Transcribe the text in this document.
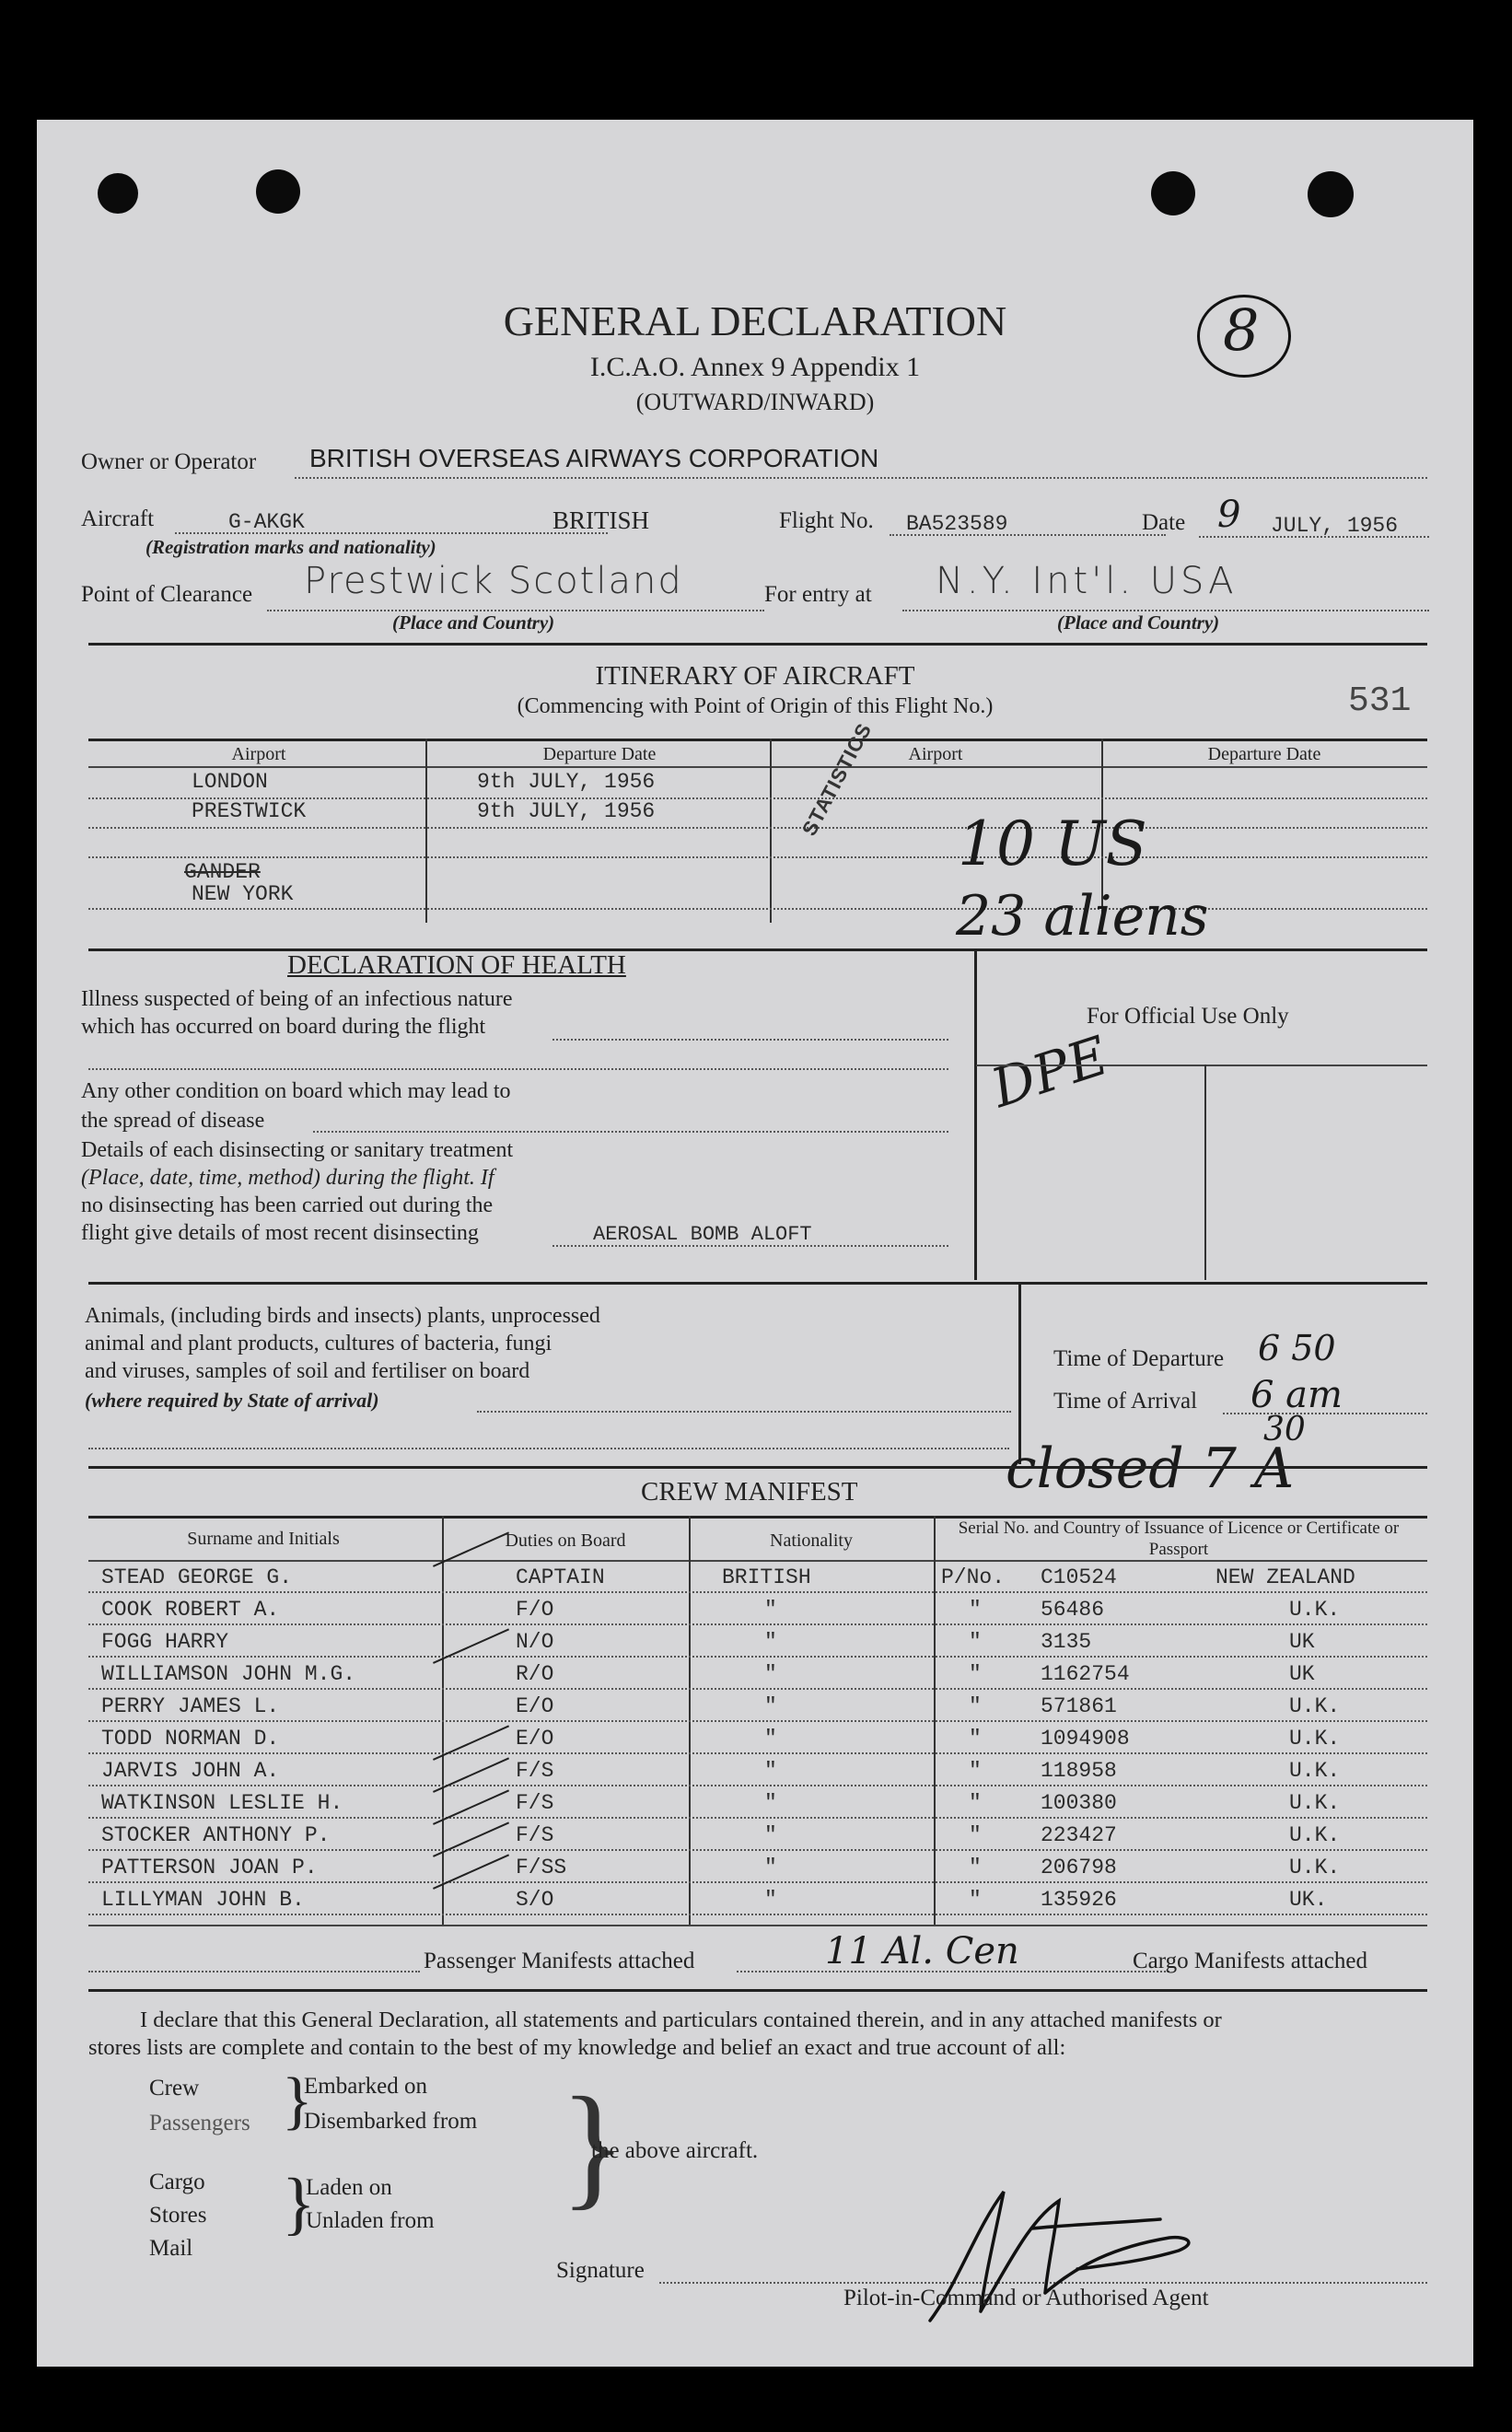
GENERAL DECLARATION
I.C.A.O. Annex 9 Appendix 1
(OUTWARD/INWARD)
8
Owner or Operator BRITISH OVERSEAS AIRWAYS CORPORATION
Aircraft	G-AKGK	BRITISH
(Registration marks and nationality)
Flight No. BA523589	Date 9 JULY, 1956
Point of Clearance Prestwick Scotland
(Place and Country)
For entry at N.Y. Int'l. USA
(Place and Country)
ITINERARY OF AIRCRAFT
(Commencing with Point of Origin of this Flight No.)	531
Airport	Departure Date	Airport	Departure Date
LONDON	9th JULY, 1956
PRESTWICK	9th JULY, 1956
GANDER
NEW YORK
STATISTICS
10 US
23 aliens
DECLARATION OF HEALTH
Illness suspected of being of an infectious nature
which has occurred on board during the flight
Any other condition on board which may lead to
the spread of disease
Details of each disinsecting or sanitary treatment
(Place, date, time, method) during the flight. If
no disinsecting has been carried out during the
flight give details of most recent disinsecting	AEROSAL BOMB ALOFT
For Official Use Only
DPE
Animals, (including birds and insects) plants, unprocessed
animal and plant products, cultures of bacteria, fungi
and viruses, samples of soil and fertiliser on board
(where required by State of arrival)
Time of Departure
Time of Arrival
6 50
6 am
30
closed 7 A
CREW MANIFEST
Surname and Initials	Duties on Board	Nationality
Serial No. and Country of Issuance of Licence or Certificate or Passport
STEAD GEORGE G.	CAPTAIN	BRITISH	P/No. C10524	NEW ZEALAND
COOK ROBERT A.	F/O	"	"	56486	U.K.
FOGG HARRY	N/O	"	"	3135	UK
WILLIAMSON JOHN M.G.	R/O	"	"	1162754	UK
PERRY JAMES L.	E/O	"	"	571861	U.K.
TODD NORMAN D.	E/O	"	"	1094908	U.K.
JARVIS JOHN A.	F/S	"	"	118958	U.K.
WATKINSON LESLIE H.	F/S	"	"	100380	U.K.
STOCKER ANTHONY P.	F/S	"	"	223427	U.K.
PATTERSON JOAN P.	F/SS	"	"	206798	U.K.
LILLYMAN JOHN B.	S/O	"	"	135926	UK.
Passenger Manifests attached	11 Al. Cen	Cargo Manifests attached
I declare that this General Declaration, all statements and particulars contained therein, and in any attached manifests or
stores lists are complete and contain to the best of my knowledge and belief an exact and true account of all:
Crew
Passengers
Embarked on
Disembarked from
}
Cargo
Stores
Mail
Laden on
Unladen from
} }
the above aircraft.
Signature
Pilot-in-Command or Authorised Agent
